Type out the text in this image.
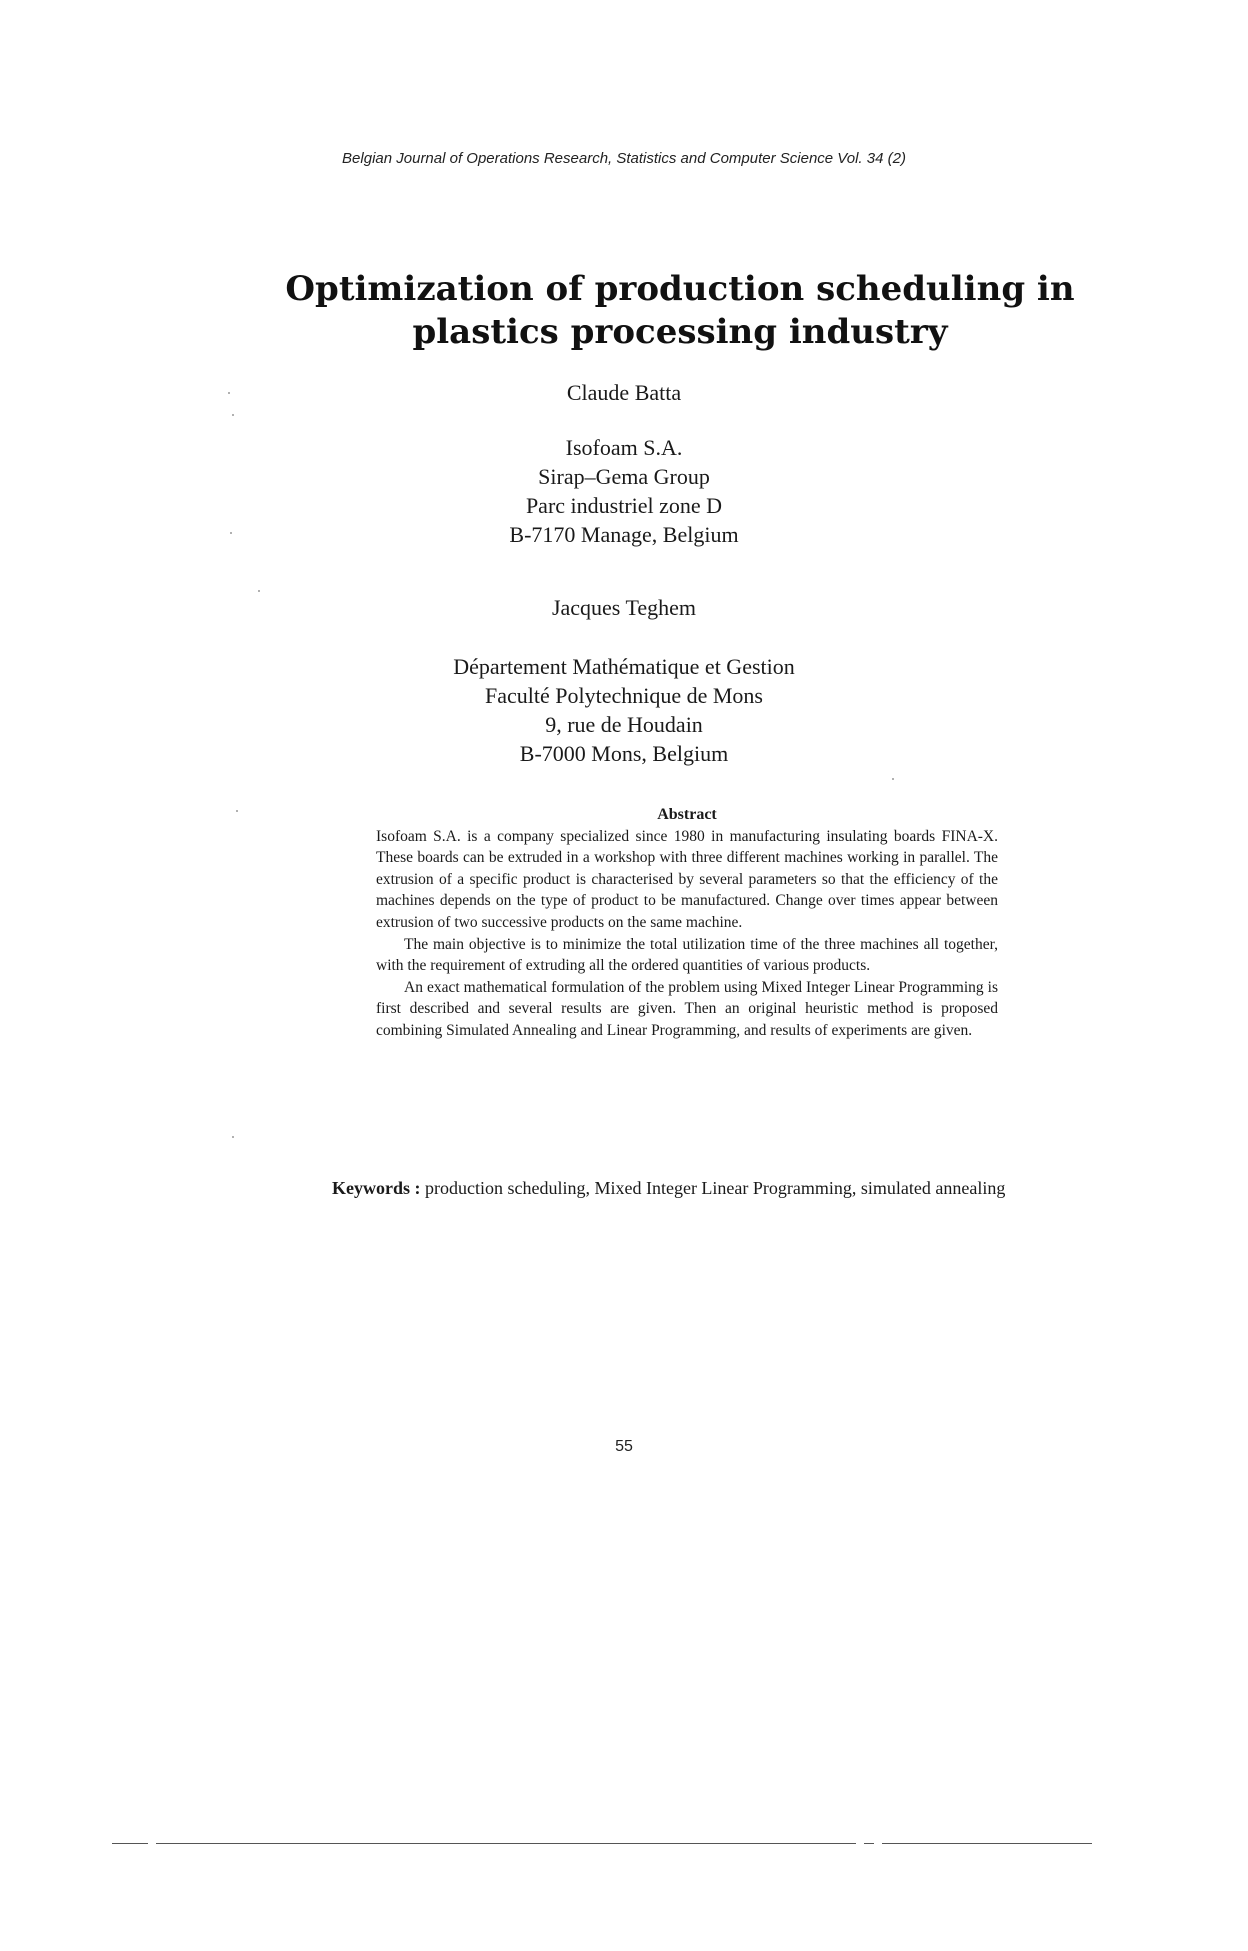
Belgian Journal of Operations Research, Statistics and Computer Science Vol. 34 (2)
Optimization of production scheduling in plastics processing industry
Claude Batta
Isofoam S.A.
Sirap–Gema Group
Parc industriel zone D
B-7170 Manage, Belgium
Jacques Teghem
Département Mathématique et Gestion
Faculté Polytechnique de Mons
9, rue de Houdain
B-7000 Mons, Belgium
Abstract

Isofoam S.A. is a company specialized since 1980 in manufacturing insulating boards FINA-X. These boards can be extruded in a workshop with three different machines working in parallel. The extrusion of a specific product is characterised by several parameters so that the efficiency of the machines depends on the type of product to be manufactured. Change over times appear between extrusion of two successive products on the same machine.

The main objective is to minimize the total utilization time of the three machines all together, with the requirement of extruding all the ordered quantities of various products.

An exact mathematical formulation of the problem using Mixed Integer Linear Programming is first described and several results are given. Then an original heuristic method is proposed combining Simulated Annealing and Linear Programming, and results of experiments are given.

Keywords : production scheduling, Mixed Integer Linear Programming, simulated annealing
55
